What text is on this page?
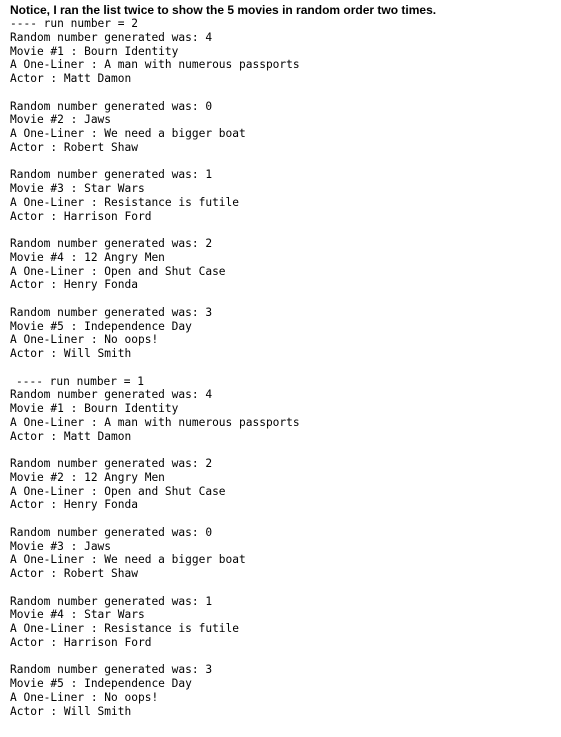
Notice, I ran the list twice to show the 5 movies in random order two times.
---- run number = 2
Random number generated was: 4
Movie #1 : Bourn Identity
A One-Liner : A man with numerous passports
Actor : Matt Damon
Random number generated was: 0
Movie #2 : Jaws
A One-Liner : We need a bigger boat
Actor : Robert Shaw
Random number generated was: 1
Movie #3 : Star Wars
A One-Liner : Resistance is futile
Actor : Harrison Ford
Random number generated was: 2
Movie #4 : 12 Angry Men
A One-Liner : Open and Shut Case
Actor : Henry Fonda
Random number generated was: 3
Movie #5 : Independence Day
A One-Liner : No oops!
Actor : Will Smith
---- run number = 1
Random number generated was: 4
Movie #1 : Bourn Identity
A One-Liner : A man with numerous passports
Actor : Matt Damon
Random number generated was: 2
Movie #2 : 12 Angry Men
A One-Liner : Open and Shut Case
Actor : Henry Fonda
Random number generated was: 0
Movie #3 : Jaws
A One-Liner : We need a bigger boat
Actor : Robert Shaw
Random number generated was: 1
Movie #4 : Star Wars
A One-Liner : Resistance is futile
Actor : Harrison Ford
Random number generated was: 3
Movie #5 : Independence Day
A One-Liner : No oops!
Actor : Will Smith
